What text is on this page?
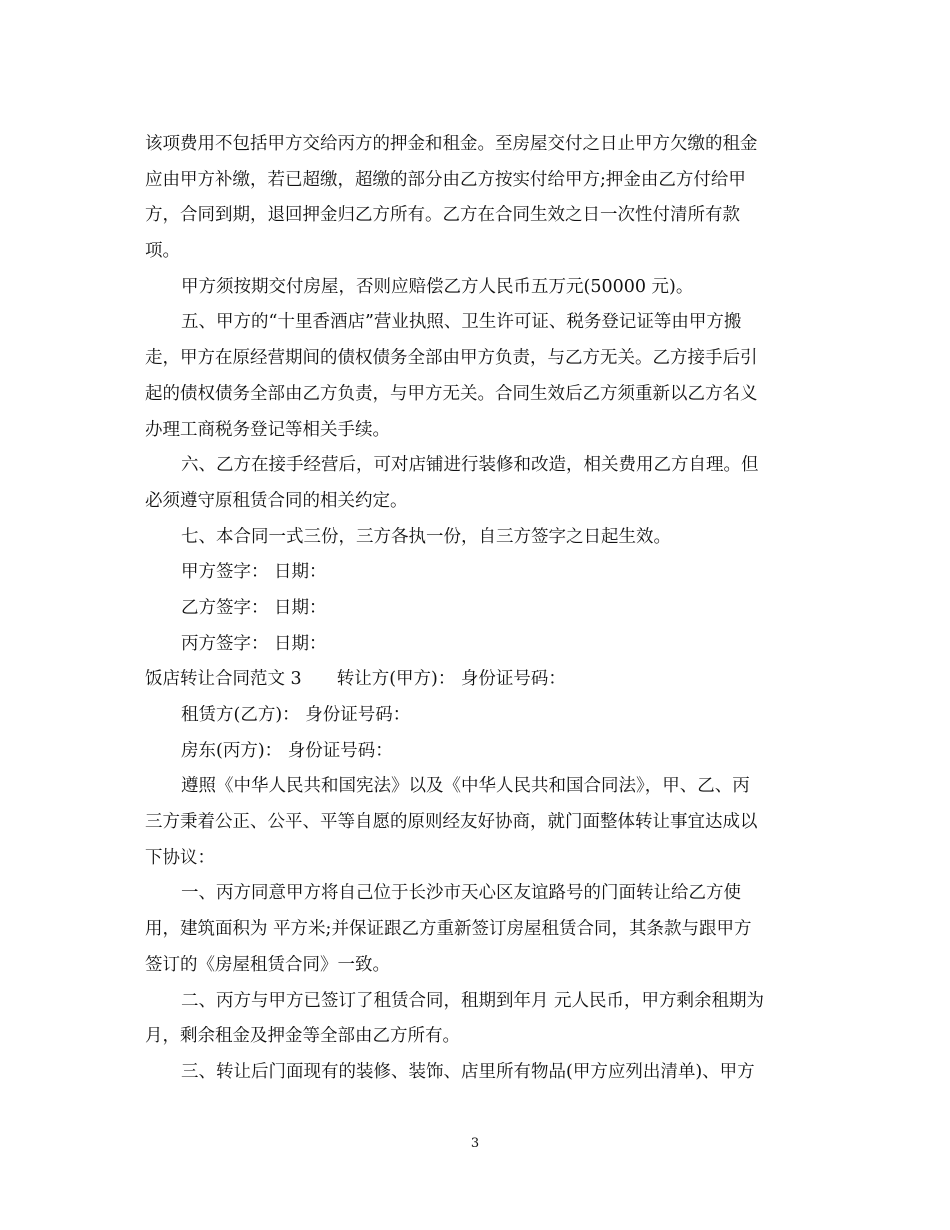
该项费用不包括甲方交给丙方的押金和租金。至房屋交付之日止甲方欠缴的租金
应由甲方补缴，若已超缴，超缴的部分由乙方按实付给甲方;押金由乙方付给甲
方，合同到期，退回押金归乙方所有。乙方在合同生效之日一次性付清所有款
项。
甲方须按期交付房屋，否则应赔偿乙方人民币五万元(50000 元)。
五、甲方的“十里香酒店”营业执照、卫生许可证、税务登记证等由甲方搬
走，甲方在原经营期间的债权债务全部由甲方负责，与乙方无关。乙方接手后引
起的债权债务全部由乙方负责，与甲方无关。合同生效后乙方须重新以乙方名义
办理工商税务登记等相关手续。
六、乙方在接手经营后，可对店铺进行装修和改造，相关费用乙方自理。但
必须遵守原租赁合同的相关约定。
七、本合同一式三份，三方各执一份，自三方签字之日起生效。
甲方签字： 日期：
乙方签字： 日期：
丙方签字： 日期：
饭店转让合同范文 3　　转让方(甲方)： 身份证号码：
租赁方(乙方)： 身份证号码：
房东(丙方)： 身份证号码：
遵照《中华人民共和国宪法》以及《中华人民共和国合同法》，甲、乙、丙
三方秉着公正、公平、平等自愿的原则经友好协商，就门面整体转让事宜达成以
下协议：
一、丙方同意甲方将自己位于长沙市天心区友谊路号的门面转让给乙方使
用，建筑面积为 平方米;并保证跟乙方重新签订房屋租赁合同，其条款与跟甲方
签订的《房屋租赁合同》一致。
二、丙方与甲方已签订了租赁合同，租期到年月 元人民币，甲方剩余租期为
月，剩余租金及押金等全部由乙方所有。
三、转让后门面现有的装修、装饰、店里所有物品(甲方应列出清单)、甲方
3
